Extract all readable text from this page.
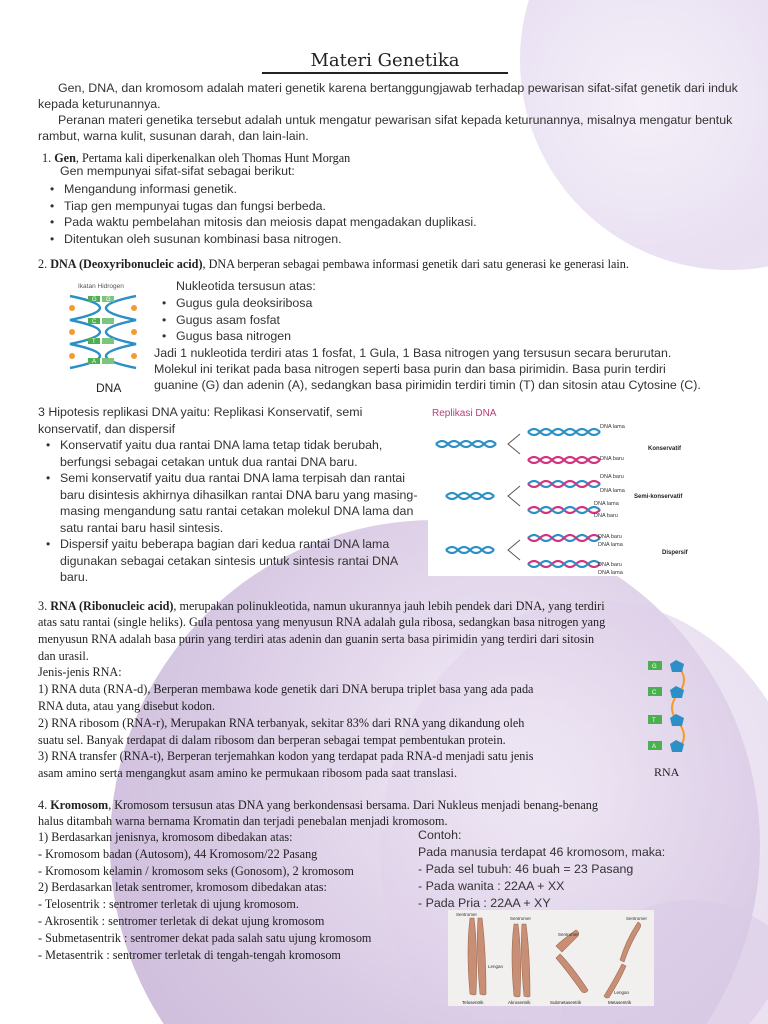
Materi Genetika

Gen, DNA, dan kromosom adalah materi genetik karena bertanggungjawab terhadap pewarisan sifat-sifat genetik dari induk kepada keturunannya.

Peranan materi genetika tersebut adalah untuk mengatur pewarisan sifat kepada keturunannya, misalnya mengatur bentuk rambut, warna kulit, susunan darah, dan lain-lain.

1. Gen, Pertama kali diperkenalkan oleh Thomas Hunt Morgan
Gen mempunyai sifat-sifat sebagai berikut:
• Mengandung informasi genetik.
• Tiap gen mempunyai tugas dan fungsi berbeda.
• Pada waktu pembelahan mitosis dan meiosis dapat mengadakan duplikasi.
• Ditentukan oleh susunan kombinasi basa nitrogen.
2. DNA (Deoxyribonucleic acid), DNA berperan sebagai pembawa informasi genetik dari satu generasi ke generasi lain.
Ikatan Hidrogen
G
C
T
A
G
DNA
Nukleotida tersusun atas:
• Gugus gula deoksiribosa
• Gugus asam fosfat
• Gugus basa nitrogen
Jadi 1 nukleotida terdiri atas 1 fosfat, 1 Gula, 1 Basa nitrogen yang tersusun secara berurutan.
Molekul ini terikat pada basa nitrogen seperti basa purin dan basa pirimidin. Basa purin terdiri
guanine (G) dan adenin (A), sedangkan basa pirimidin terdiri timin (T) dan sitosin atau Cytosine (C).
3 Hipotesis replikasi DNA yaitu: Replikasi Konservatif, semi konservatif, dan dispersif
• Konservatif yaitu dua rantai DNA lama tetap tidak berubah, berfungsi sebagai cetakan untuk dua rantai DNA baru.
• Semi konservatif yaitu dua rantai DNA lama terpisah dan rantai baru disintesis akhirnya dihasilkan rantai DNA baru yang masing-masing mengandung satu rantai cetakan molekul DNA lama dan satu rantai baru hasil sintesis.
• Dispersif yaitu beberapa bagian dari kedua rantai DNA lama digunakan sebagai cetakan sintesis untuk sintesis rantai DNA baru.
Replikasi DNA
DNA lama
DNA baru
DNA baru
DNA lama
DNA lama
DNA baru
DNA baru
DNA lama
DNA baru
DNA lama
Konservatif
Semi-konservatif
Dispersif
3. RNA (Ribonucleic acid), merupakan polinukleotida, namun ukurannya jauh lebih pendek dari DNA, yang terdiri
atas satu rantai (single heliks). Gula pentosa yang menyusun RNA adalah gula ribosa, sedangkan basa nitrogen yang
menyusun RNA adalah basa purin yang terdiri atas adenin dan guanin serta basa pirimidin yang terdiri dari sitosin
dan urasil.
Jenis-jenis RNA:
1) RNA duta (RNA-d), Berperan membawa kode genetik dari DNA berupa triplet basa yang ada pada
RNA duta, atau yang disebut kodon.
2) RNA ribosom (RNA-r), Merupakan RNA terbanyak, sekitar 83% dari RNA yang dikandung oleh
suatu sel. Banyak terdapat di dalam ribosom dan berperan sebagai tempat pembentukan protein.
3) RNA transfer (RNA-t), Berperan terjemahkan kodon yang terdapat pada RNA-d menjadi satu jenis
asam amino serta mengangkut asam amino ke permukaan ribosom pada saat translasi.
G
C
T
A
RNA
4. Kromosom, Kromosom tersusun atas DNA yang berkondensasi bersama. Dari Nukleus menjadi benang-benang
halus ditambah warna bernama Kromatin dan terjadi penebalan menjadi kromosom.
1) Berdasarkan jenisnya, kromosom dibedakan atas:
- Kromosom badan (Autosom), 44 Kromosom/22 Pasang
- Kromosom kelamin / kromosom seks (Gonosom), 2 kromosom
2) Berdasarkan letak sentromer, kromosom dibedakan atas:
- Telosentrik : sentromer terletak di ujung kromosom.
- Akrosentik : sentromer terletak di dekat ujung kromosom
- Submetasentrik : sentromer dekat pada salah satu ujung kromosom
- Metasentrik : sentromer terletak di tengah-tengah kromosom
Contoh:
Pada manusia terdapat 46 kromosom, maka:
- Pada sel tubuh: 46 buah = 23 Pasang
- Pada wanita : 22AA + XX
- Pada Pria : 22AA + XY
Sentromer
Sentromer
Sentromer
Sentromer
Lengan
Lengan
Telosentrik	Akrosentrik	Submetasentrik	Metasentrik
